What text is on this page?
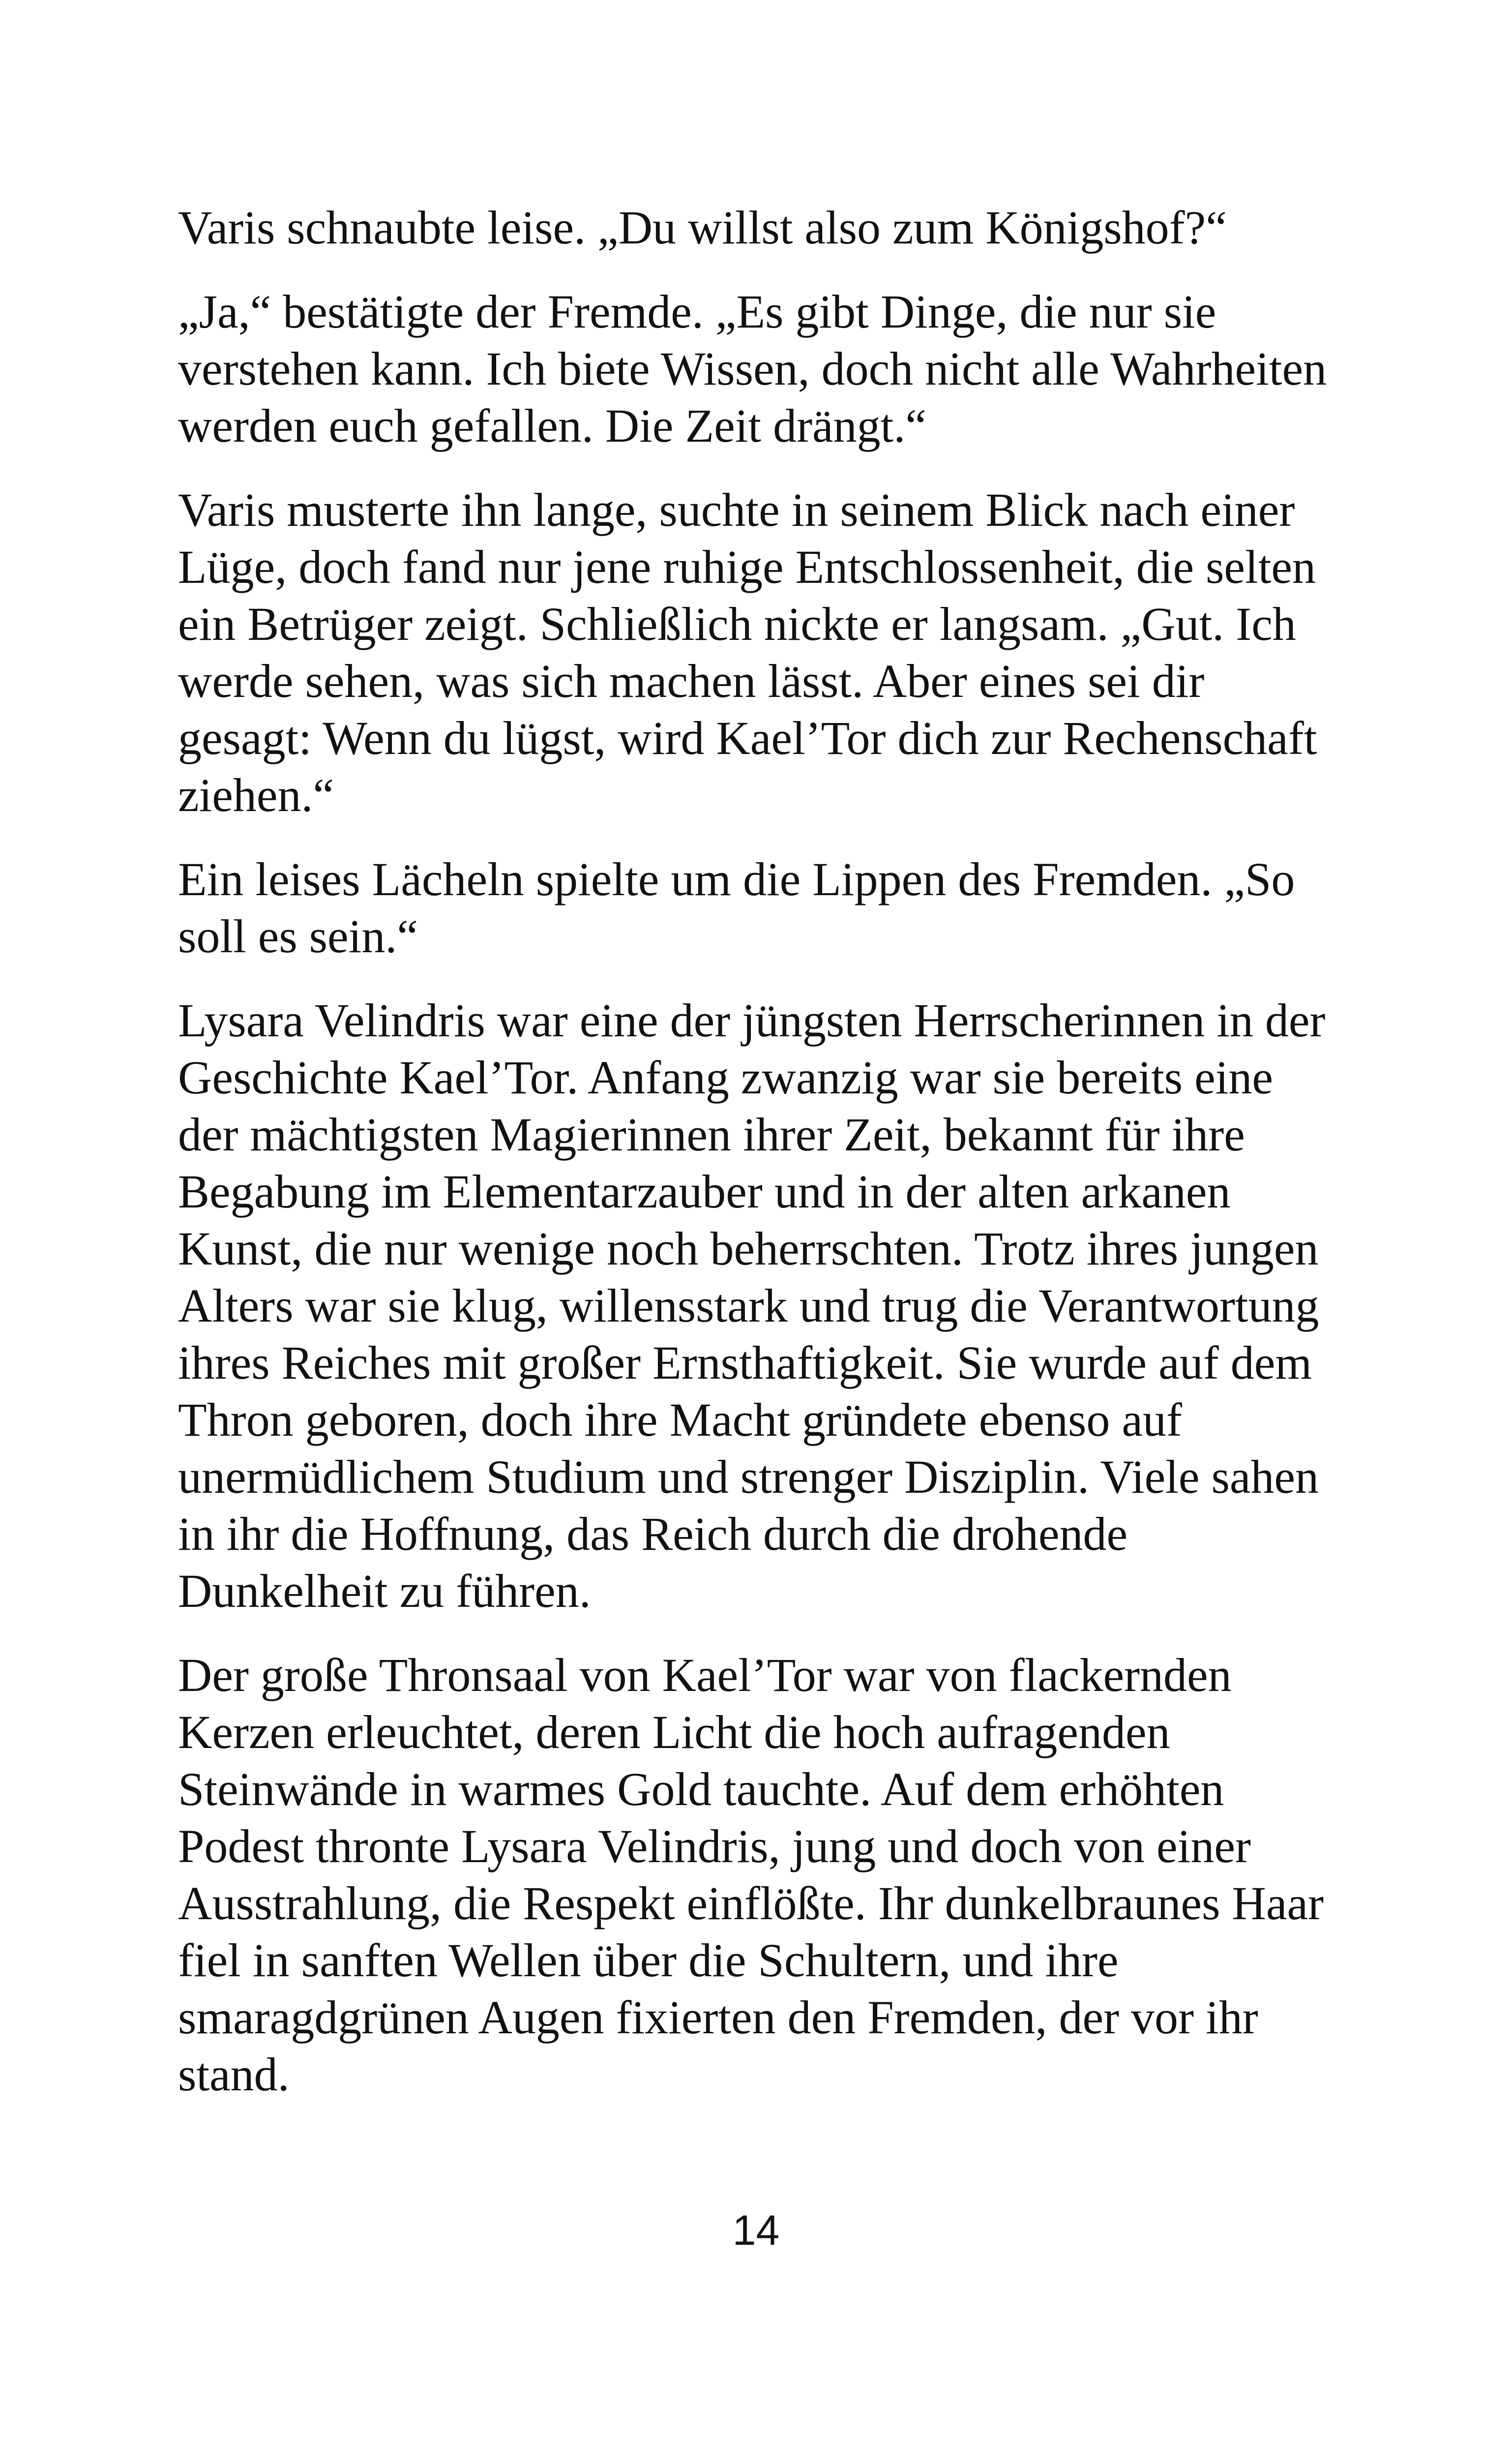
Varis schnaubte leise. „Du willst also zum Königshof?“

„Ja,“ bestätigte der Fremde. „Es gibt Dinge, die nur sie verstehen kann. Ich biete Wissen, doch nicht alle Wahrheiten werden euch gefallen. Die Zeit drängt.“

Varis musterte ihn lange, suchte in seinem Blick nach einer Lüge, doch fand nur jene ruhige Entschlossenheit, die selten ein Betrüger zeigt. Schließlich nickte er langsam. „Gut. Ich werde sehen, was sich machen lässt. Aber eines sei dir gesagt: Wenn du lügst, wird Kael’Tor dich zur Rechenschaft ziehen.“

Ein leises Lächeln spielte um die Lippen des Fremden. „So soll es sein.“

Lysara Velindris war eine der jüngsten Herrscherinnen in der Geschichte Kael’Tor. Anfang zwanzig war sie bereits eine der mächtigsten Magierinnen ihrer Zeit, bekannt für ihre Begabung im Elementarzauber und in der alten arkanen Kunst, die nur wenige noch beherrschten. Trotz ihres jungen Alters war sie klug, willensstark und trug die Verantwortung ihres Reiches mit großer Ernsthaftigkeit. Sie wurde auf dem Thron geboren, doch ihre Macht gründete ebenso auf unermüdlichem Studium und strenger Disziplin. Viele sahen in ihr die Hoffnung, das Reich durch die drohende Dunkelheit zu führen.

Der große Thronsaal von Kael’Tor war von flackernden Kerzen erleuchtet, deren Licht die hoch aufragenden Steinwände in warmes Gold tauchte. Auf dem erhöhten Podest thronte Lysara Velindris, jung und doch von einer Ausstrahlung, die Respekt einflößte. Ihr dunkelbraunes Haar fiel in sanften Wellen über die Schultern, und ihre smaragdgrünen Augen fixierten den Fremden, der vor ihr stand.

14
